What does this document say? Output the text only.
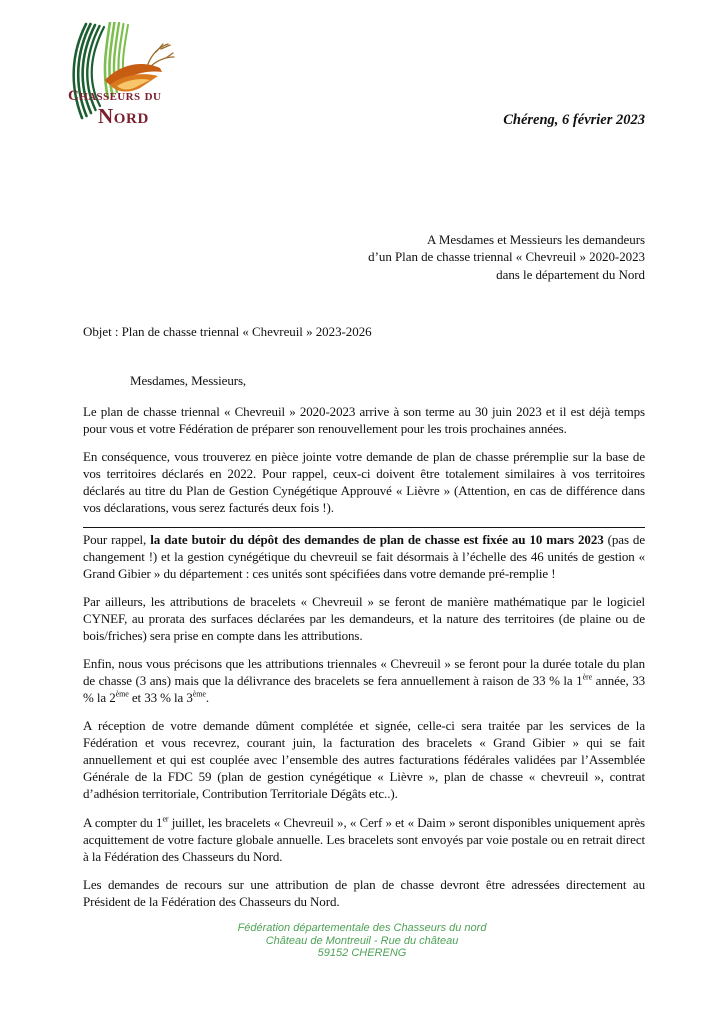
Chasseurs du
Nord	Chéreng, 6 février 2023
A Mesdames et Messieurs les demandeurs
d’un Plan de chasse triennal « Chevreuil » 2020-2023
dans le département du Nord
Objet : Plan de chasse triennal « Chevreuil » 2023-2026
Mesdames, Messieurs,

Le plan de chasse triennal « Chevreuil » 2020-2023 arrive à son terme au 30 juin 2023 et il est déjà temps pour vous et votre Fédération de préparer son renouvellement pour les trois prochaines années.

En conséquence, vous trouverez en pièce jointe votre demande de plan de chasse préremplie sur la base de vos territoires déclarés en 2022. Pour rappel, ceux-ci doivent être totalement similaires à vos territoires déclarés au titre du Plan de Gestion Cynégétique Approuvé « Lièvre » (Attention, en cas de différence dans vos déclarations, vous serez facturés deux fois !).

Pour rappel, la date butoir du dépôt des demandes de plan de chasse est fixée au 10 mars 2023 (pas de changement !) et la gestion cynégétique du chevreuil se fait désormais à l’échelle des 46 unités de gestion « Grand Gibier » du département : ces unités sont spécifiées dans votre demande pré-remplie !

Par ailleurs, les attributions de bracelets « Chevreuil » se feront de manière mathématique par le logiciel CYNEF, au prorata des surfaces déclarées par les demandeurs, et la nature des territoires (de plaine ou de bois/friches) sera prise en compte dans les attributions.

Enfin, nous vous précisons que les attributions triennales « Chevreuil » se feront pour la durée totale du plan de chasse (3 ans) mais que la délivrance des bracelets se fera annuellement à raison de 33 % la 1ère année, 33 % la 2ème et 33 % la 3ème.

A réception de votre demande dûment complétée et signée, celle-ci sera traitée par les services de la Fédération et vous recevrez, courant juin, la facturation des bracelets « Grand Gibier » qui se fait annuellement et qui est couplée avec l’ensemble des autres facturations fédérales validées par l’Assemblée Générale de la FDC 59 (plan de gestion cynégétique « Lièvre », plan de chasse « chevreuil », contrat d’adhésion territoriale, Contribution Territoriale Dégâts etc..).

A compter du 1er juillet, les bracelets « Chevreuil », « Cerf » et « Daim » seront disponibles uniquement après acquittement de votre facture globale annuelle. Les bracelets sont envoyés par voie postale ou en retrait direct à la Fédération des Chasseurs du Nord.

Les demandes de recours sur une attribution de plan de chasse devront être adressées directement au Président de la Fédération des Chasseurs du Nord.

Fédération départementale des Chasseurs du nord
Château de Montreuil - Rue du château
59152 CHERENG
